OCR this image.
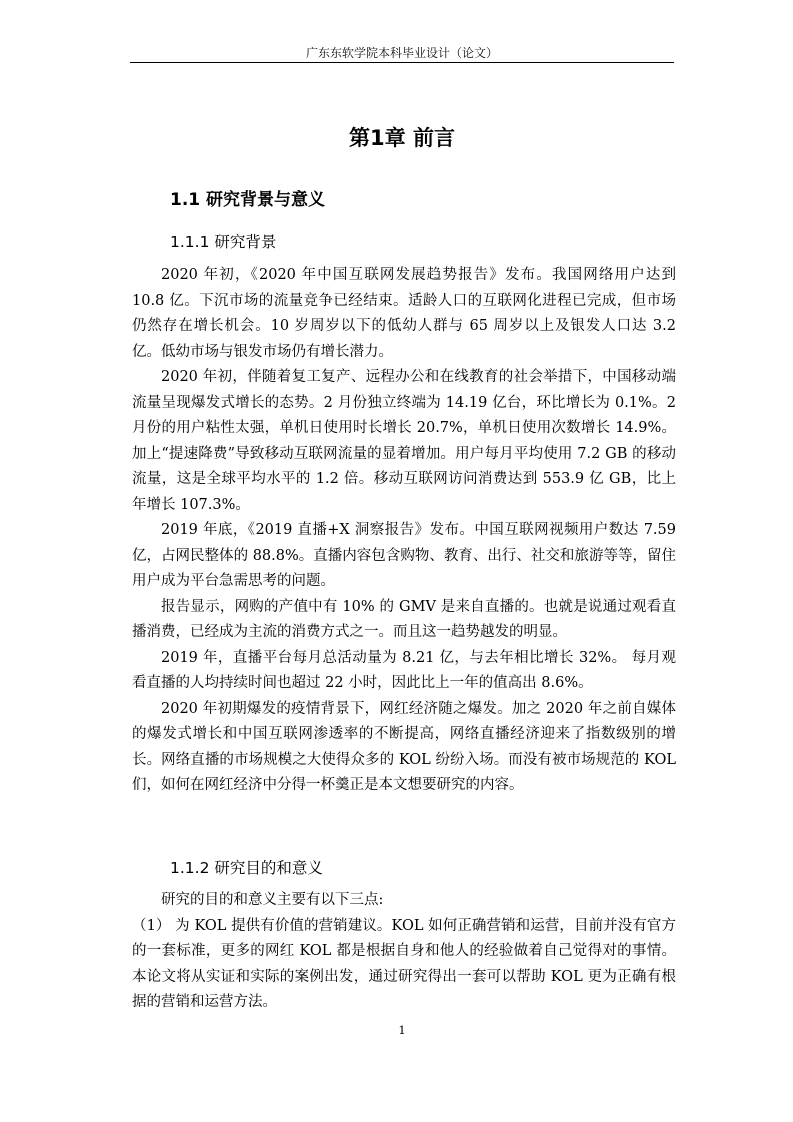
广东东软学院本科毕业设计（论文）
第1章 前言
1.1 研究背景与意义
1.1.1 研究背景

2020 年初，《2020 年中国互联网发展趋势报告》发布。我国网络用户达到 10.8 亿。下沉市场的流量竞争已经结束。适龄人口的互联网化进程已完成，但市场仍然存在增长机会。10 岁周岁以下的低幼人群与 65 周岁以上及银发人口达 3.2 亿。低幼市场与银发市场仍有增长潜力。

2020 年初，伴随着复工复产、远程办公和在线教育的社会举措下，中国移动端流量呈现爆发式增长的态势。2 月份独立终端为 14.19 亿台，环比增长为 0.1%。2 月份的用户粘性太强，单机日使用时长增长 20.7%，单机日使用次数增长 14.9%。加上“提速降费”导致移动互联网流量的显着增加。用户每月平均使用 7.2 GB 的移动流量，这是全球平均水平的 1.2 倍。移动互联网访问消费达到 553.9 亿 GB，比上年增长 107.3%。

2019 年底，《2019 直播+X 洞察报告》发布。中国互联网视频用户数达 7.59 亿，占网民整体的 88.8%。直播内容包含购物、教育、出行、社交和旅游等等，留住用户成为平台急需思考的问题。

报告显示，网购的产值中有 10% 的 GMV 是来自直播的。也就是说通过观看直播消费，已经成为主流的消费方式之一。而且这一趋势越发的明显。

2019 年，直播平台每月总活动量为 8.21 亿，与去年相比增长 32%。 每月观看直播的人均持续时间也超过 22 小时，因此比上一年的值高出 8.6%。

2020 年初期爆发的疫情背景下，网红经济随之爆发。加之 2020 年之前自媒体的爆发式增长和中国互联网渗透率的不断提高，网络直播经济迎来了指数级别的增长。网络直播的市场规模之大使得众多的 KOL 纷纷入场。而没有被市场规范的 KOL 们，如何在网红经济中分得一杯羹正是本文想要研究的内容。

1.1.2 研究目的和意义

研究的目的和意义主要有以下三点:

（1） 为 KOL 提供有价值的营销建议。KOL 如何正确营销和运营，目前并没有官方的一套标准，更多的网红 KOL 都是根据自身和他人的经验做着自己觉得对的事情。本论文将从实证和实际的案例出发，通过研究得出一套可以帮助 KOL 更为正确有根据的营销和运营方法。

1
